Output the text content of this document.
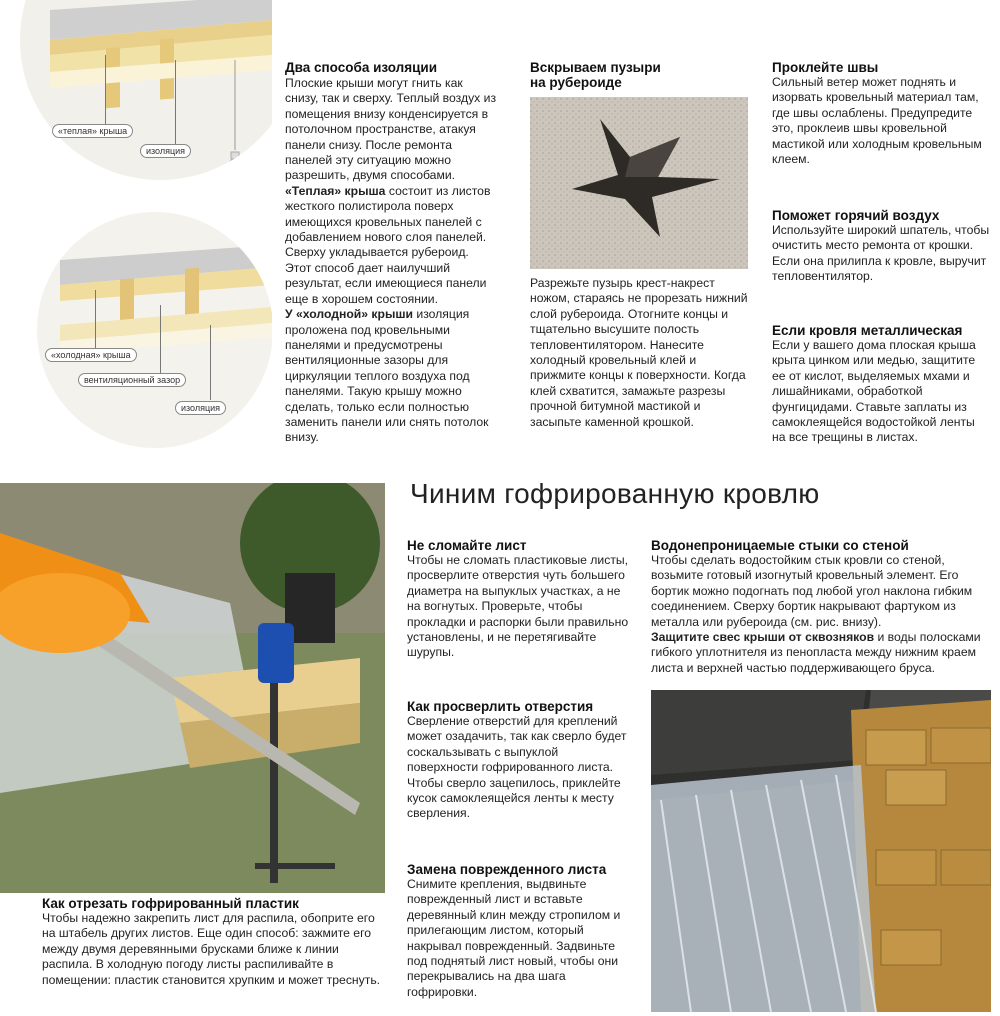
«теплая» крыша
изоляция
«холодная» крыша
вентиляционный зазор
изоляция
Два способа изоляции

Плоские крыши могут гнить как снизу, так и сверху. Теплый воздух из помещения внизу конденсируется в потолочном пространстве, атакуя панели снизу. После ремонта панелей эту ситуацию можно разрешить, двумя способами.

«Теплая» крыша состоит из листов жесткого полистирола поверх имеющихся кровельных панелей с добавлением нового слоя панелей. Сверху укладывается рубероид. Этот способ дает наилучший результат, если имеющиеся панели еще в хорошем состоянии.

У «холодной» крыши изоляция проложена под кровельными панелями и предусмотрены вентиляционные зазоры для циркуляции теплого воздуха под панелями. Такую крышу можно сделать, только если полностью заменить панели или снять потолок внизу.

Вскрываем пузыри
на рубероиде

Разрежьте пузырь крест-накрест ножом, стараясь не прорезать нижний слой рубероида. Отогните концы и тщательно высушите полость тепловентилятором. Нанесите холодный кровельный клей и прижмите концы к поверхности. Когда клей схватится, замажьте разрезы прочной битумной мастикой и засыпьте каменной крошкой.

Проклейте швы

Сильный ветер может поднять и изорвать кровельный материал там, где швы ослаблены. Предупредите это, проклеив швы кровельной мастикой или холодным кровельным клеем.

Поможет горячий воздух

Используйте широкий шпатель, чтобы очистить место ремонта от крошки. Если она прилипла к кровле, выручит тепловентилятор.

Если кровля металлическая

Если у вашего дома плоская крыша крыта цинком или медью, защитите ее от кислот, выделяемых мхами и лишайниками, обработкой фунгицидами. Ставьте заплаты из самоклеящейся водостойкой ленты на все трещины в листах.

Чиним гофрированную кровлю
Как отрезать гофрированный пластик

Чтобы надежно закрепить лист для распила, обоприте его на штабель других листов. Еще один способ: зажмите его между двумя деревянными брусками ближе к линии распила. В холодную погоду листы распиливайте в помещении: пластик становится хрупким и может треснуть.

Не сломайте лист

Чтобы не сломать пластиковые листы, просверлите отверстия чуть большего диаметра на выпуклых участках, а не на вогнутых. Проверьте, чтобы прокладки и распорки были правильно установлены, и не перетягивайте шурупы.

Как просверлить отверстия

Сверление отверстий для креплений может озадачить, так как сверло будет соскальзывать с выпуклой поверхности гофрированного листа. Чтобы сверло зацепилось, приклейте кусок самоклеящейся ленты к месту сверления.

Замена поврежденного листа

Снимите крепления, выдвиньте поврежденный лист и вставьте деревянный клин между стропилом и прилегающим листом, который накрывал поврежденный. Задвиньте под поднятый лист новый, чтобы они перекрывались на два шага гофрировки.

Водонепроницаемые стыки со стеной

Чтобы сделать водостойким стык кровли со стеной, возьмите готовый изогнутый кровельный элемент. Его бортик можно подогнать под любой угол наклона гибким соединением. Сверху бортик накрывают фартуком из металла или рубероида (см. рис. внизу).

Защитите свес крыши от сквозняков и воды полосками гибкого уплотнителя из пенопласта между нижним краем листа и верхней частью поддерживающего бруса.
